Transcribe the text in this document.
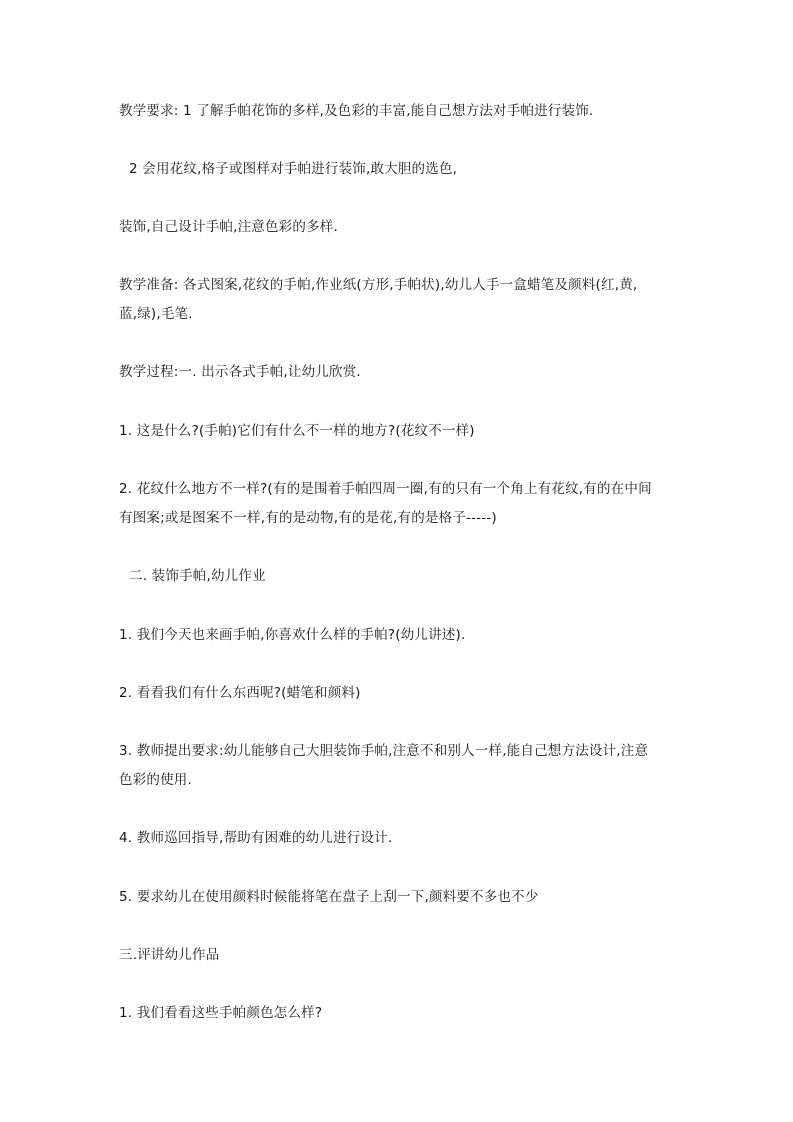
教学要求: 1 了解手帕花饰的多样,及色彩的丰富,能自己想方法对手帕进行装饰.
2 会用花纹,格子或图样对手帕进行装饰,敢大胆的选色,
装饰,自己设计手帕,注意色彩的多样.
教学准备: 各式图案,花纹的手帕,作业纸(方形,手帕状),幼儿人手一盒蜡笔及颜料(红,黄,
蓝,绿),毛笔.
教学过程:一. 出示各式手帕,让幼儿欣赏.
1. 这是什么?(手帕)它们有什么不一样的地方?(花纹不一样)
2. 花纹什么地方不一样?(有的是围着手帕四周一圈,有的只有一个角上有花纹,有的在中间
有图案;或是图案不一样,有的是动物,有的是花,有的是格子-----)
二. 装饰手帕,幼儿作业
1. 我们今天也来画手帕,你喜欢什么样的手帕?(幼儿讲述).
2. 看看我们有什么东西呢?(蜡笔和颜料)
3. 教师提出要求:幼儿能够自己大胆装饰手帕,注意不和别人一样,能自己想方法设计,注意
色彩的使用.
4. 教师巡回指导,帮助有困难的幼儿进行设计.
5. 要求幼儿在使用颜料时候能将笔在盘子上刮一下,颜料要不多也不少
三.评讲幼儿作品
1. 我们看看这些手帕颜色怎么样?
